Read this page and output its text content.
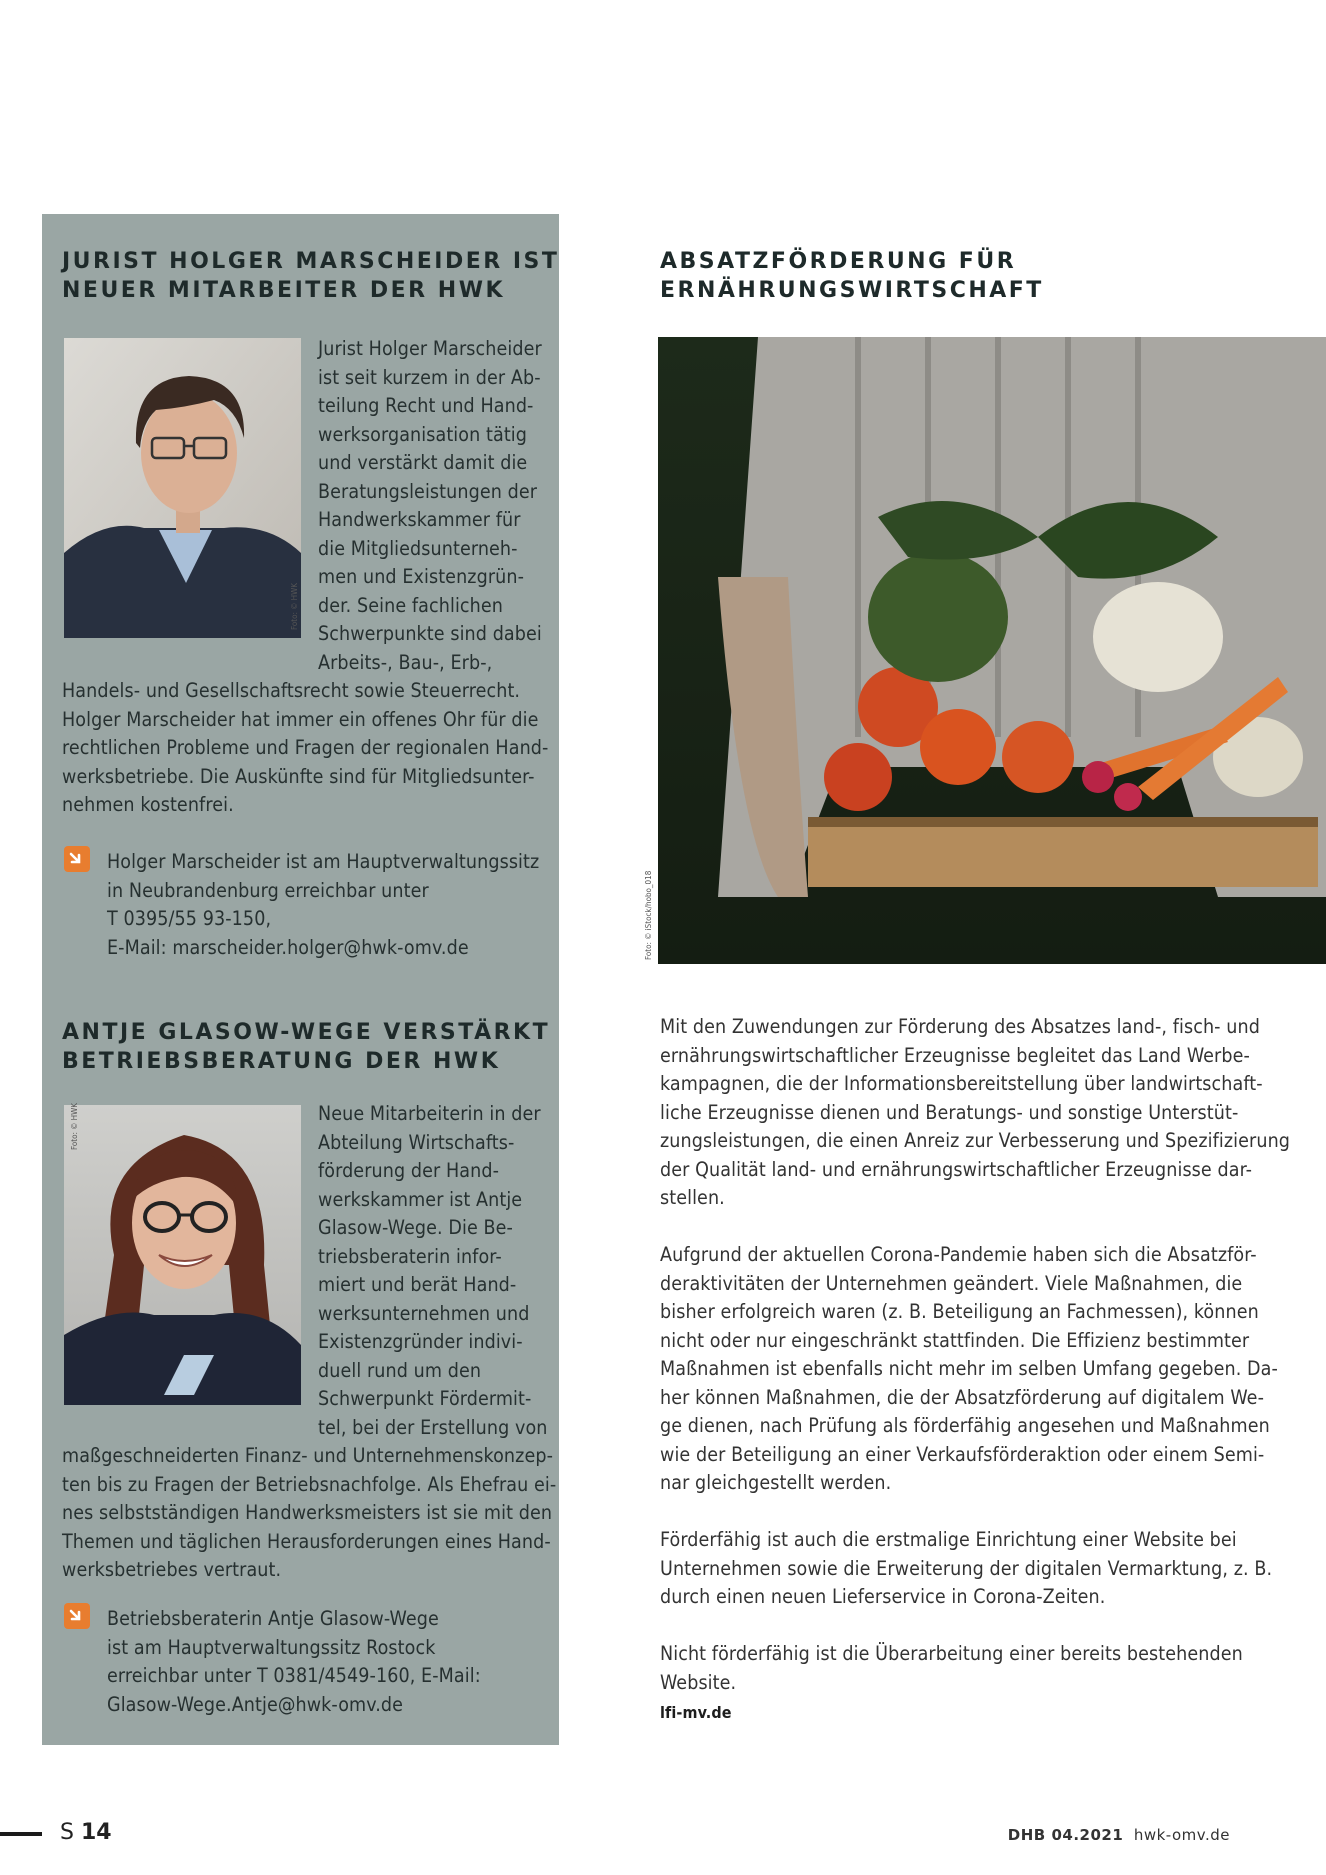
JURIST HOLGER MARSCHEIDER IST
NEUER MITARBEITER DER HWK
Foto: © HWK
Jurist Holger Marscheider
ist seit kurzem in der Ab-
teilung Recht und Hand-
werksorganisation tätig
und verstärkt damit die
Beratungsleistungen der
Handwerkskammer für
die Mitgliedsunterneh-
men und Existenzgrün-
der. Seine fachlichen
Schwerpunkte sind dabei
Arbeits-, Bau-, Erb-,
Handels- und Gesellschaftsrecht sowie Steuerrecht.
Holger Marscheider hat immer ein offenes Ohr für die
rechtlichen Probleme und Fragen der regionalen Hand-
werksbetriebe. Die Auskünfte sind für Mitgliedsunter-
nehmen kostenfrei.
Holger Marscheider ist am Hauptverwaltungssitz
in Neubrandenburg erreichbar unter
T 0395/55 93-150,
E-Mail: marscheider.holger@hwk-omv.de
ANTJE GLASOW-WEGE VERSTÄRKT
BETRIEBSBERATUNG DER HWK
Foto: © HWK	Neue Mitarbeiterin in der
Abteilung Wirtschafts-
förderung der Hand-
werkskammer ist Antje
Glasow-Wege. Die Be-
triebsberaterin infor-
miert und berät Hand-
werksunternehmen und
Existenzgründer indivi-
duell rund um den
Schwerpunkt Fördermit-
tel, bei der Erstellung von
maßgeschneiderten Finanz- und Unternehmenskonzep-
ten bis zu Fragen der Betriebsnachfolge. Als Ehefrau ei-
nes selbstständigen Handwerksmeisters ist sie mit den
Themen und täglichen Herausforderungen eines Hand-
werksbetriebes vertraut.
Betriebsberaterin Antje Glasow-Wege
ist am Hauptverwaltungssitz Rostock
erreichbar unter T 0381/4549-160, E-Mail:
Glasow-Wege.Antje@hwk-omv.de
ABSATZFÖRDERUNG FÜR
ERNÄHRUNGSWIRTSCHAFT
Foto: © iStock/hobo_018
Mit den Zuwendungen zur Förderung des Absatzes land-, fisch- und
ernährungswirtschaftlicher Erzeugnisse begleitet das Land Werbe-
kampagnen, die der Informationsbereitstellung über landwirtschaft-
liche Erzeugnisse dienen und Beratungs- und sonstige Unterstüt-
zungsleistungen, die einen Anreiz zur Verbesserung und Spezifizierung
der Qualität land- und ernährungswirtschaftlicher Erzeugnisse dar-
stellen.
Aufgrund der aktuellen Corona-Pandemie haben sich die Absatzför-
deraktivitäten der Unternehmen geändert. Viele Maßnahmen, die
bisher erfolgreich waren (z. B. Beteiligung an Fachmessen), können
nicht oder nur eingeschränkt stattfinden. Die Effizienz bestimmter
Maßnahmen ist ebenfalls nicht mehr im selben Umfang gegeben. Da-
her können Maßnahmen, die der Absatzförderung auf digitalem We-
ge dienen, nach Prüfung als förderfähig angesehen und Maßnahmen
wie der Beteiligung an einer Verkaufsförderaktion oder einem Semi-
nar gleichgestellt werden.
Förderfähig ist auch die erstmalige Einrichtung einer Website bei
Unternehmen sowie die Erweiterung der digitalen Vermarktung, z. B.
durch einen neuen Lieferservice in Corona-Zeiten.
Nicht förderfähig ist die Überarbeitung einer bereits bestehenden
Website.
lfi-mv.de
S 14	DHB 04.2021 hwk-omv.de
